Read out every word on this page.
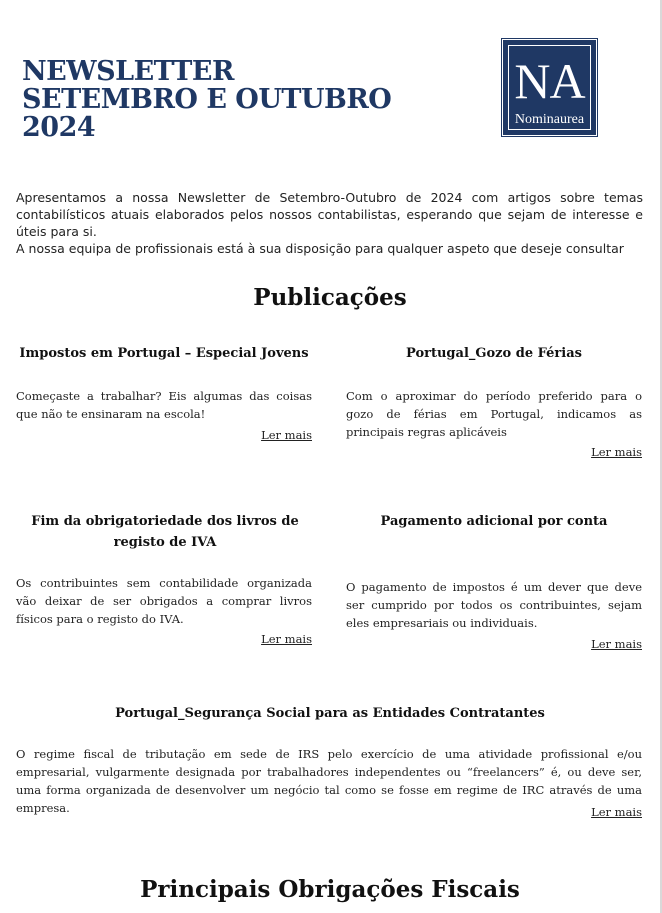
NEWSLETTER
SETEMBRO E OUTUBRO
2024
NA
Nominaurea

Apresentamos a nossa Newsletter de Setembro-Outubro de 2024 com artigos sobre temas contabilísticos atuais elaborados pelos nossos contabilistas, esperando que sejam de interesse e úteis para si.

A nossa equipa de profissionais está à sua disposição para qualquer aspeto que deseje consultar

Publicações
Impostos em Portugal – Especial Jovens

Começaste a trabalhar? Eis algumas das coisas que não te ensinaram na escola!

Ler mais
Portugal_Gozo de Férias

Com o aproximar do período preferido para o gozo de férias em Portugal, indicamos as principais regras aplicáveis

Ler mais
Fim da obrigatoriedade dos livros de registo de IVA

Os contribuintes sem contabilidade organizada vão deixar de ser obrigados a comprar livros físicos para o registo do IVA.

Ler mais
Pagamento adicional por conta

O pagamento de impostos é um dever que deve ser cumprido por todos os contribuintes, sejam eles empresariais ou individuais.

Ler mais
Portugal_Segurança Social para as Entidades Contratantes

O regime fiscal de tributação em sede de IRS pelo exercício de uma atividade profissional e/ou empresarial, vulgarmente designada por trabalhadores independentes ou “freelancers” é, ou deve ser, uma forma organizada de desenvolver um negócio tal como se fosse em regime de IRC através de uma empresa.	Ler mais
Principais Obrigações Fiscais
